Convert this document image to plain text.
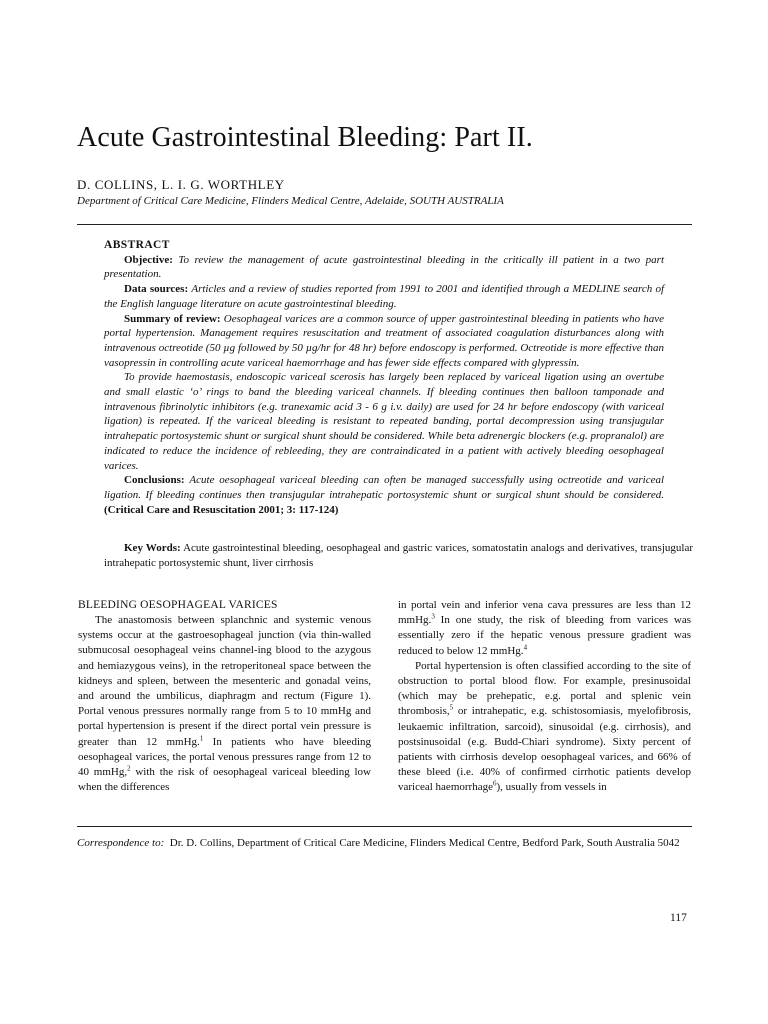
Acute Gastrointestinal Bleeding: Part II.
D. COLLINS, L. I. G. WORTHLEY
Department of Critical Care Medicine, Flinders Medical Centre, Adelaide, SOUTH AUSTRALIA
ABSTRACT

Objective: To review the management of acute gastrointestinal bleeding in the critically ill patient in a two part presentation.

Data sources: Articles and a review of studies reported from 1991 to 2001 and identified through a MEDLINE search of the English language literature on acute gastrointestinal bleeding.

Summary of review: Oesophageal varices are a common source of upper gastrointestinal bleeding in patients who have portal hypertension. Management requires resuscitation and treatment of associated coagulation disturbances along with intravenous octreotide (50 µg followed by 50 µg/hr for 48 hr) before endoscopy is performed. Octreotide is more effective than vasopressin in controlling acute variceal haemorrhage and has fewer side effects compared with glypressin.

To provide haemostasis, endoscopic variceal scerosis has largely been replaced by variceal ligation using an overtube and small elastic ‘o’ rings to band the bleeding variceal channels. If bleeding continues then balloon tamponade and intravenous fibrinolytic inhibitors (e.g. tranexamic acid 3 - 6 g i.v. daily) are used for 24 hr before endoscopy (with variceal ligation) is repeated. If the variceal bleeding is resistant to repeated banding, portal decompression using transjugular intrahepatic portosystemic shunt or surgical shunt should be considered. While beta adrenergic blockers (e.g. propranalol) are indicated to reduce the incidence of rebleeding, they are contraindicated in a patient with actively bleeding oesophageal varices.

Conclusions: Acute oesophageal variceal bleeding can often be managed successfully using octreotide and variceal ligation. If bleeding continues then transjugular intrahepatic portosystemic shunt or surgical shunt should be considered. (Critical Care and Resuscitation 2001; 3: 117-124)

Key Words: Acute gastrointestinal bleeding, oesophageal and gastric varices, somatostatin analogs and derivatives, transjugular intrahepatic portosystemic shunt, liver cirrhosis

BLEEDING OESOPHAGEAL VARICES

The anastomosis between splanchnic and systemic venous systems occur at the gastroesophageal junction (via thin-walled submucosal oesophageal veins channel-ing blood to the azygous and hemiazygous veins), in the retroperitoneal space between the kidneys and spleen, between the mesenteric and gonadal veins, and around the umbilicus, diaphragm and rectum (Figure 1). Portal venous pressures normally range from 5 to 10 mmHg and portal hypertension is present if the direct portal vein pressure is greater than 12 mmHg.$^1$ In patients who have bleeding oesophageal varices, the portal venous pressures range from 12 to 40 mmHg,$^2$ with the risk of oesophageal variceal bleeding low when the differences

in portal vein and inferior vena cava pressures are less than 12 mmHg.$^3$ In one study, the risk of bleeding from varices was essentially zero if the hepatic venous pressure gradient was reduced to below 12 mmHg.$^4$

Portal hypertension is often classified according to the site of obstruction to portal blood flow. For example, presinusoidal (which may be prehepatic, e.g. portal and splenic vein thrombosis,$^5$ or intrahepatic, e.g. schistosomiasis, myelofibrosis, leukaemic infiltration, sarcoid), sinusoidal (e.g. cirrhosis), and postsinusoidal (e.g. Budd-Chiari syndrome). Sixty percent of patients with cirrhosis develop oesophageal varices, and 66% of these bleed (i.e. 40% of confirmed cirrhotic patients develop variceal haemorrhage$^6$), usually from vessels in

Correspondence to: Dr. D. Collins, Department of Critical Care Medicine, Flinders Medical Centre, Bedford Park, South Australia 5042

117
